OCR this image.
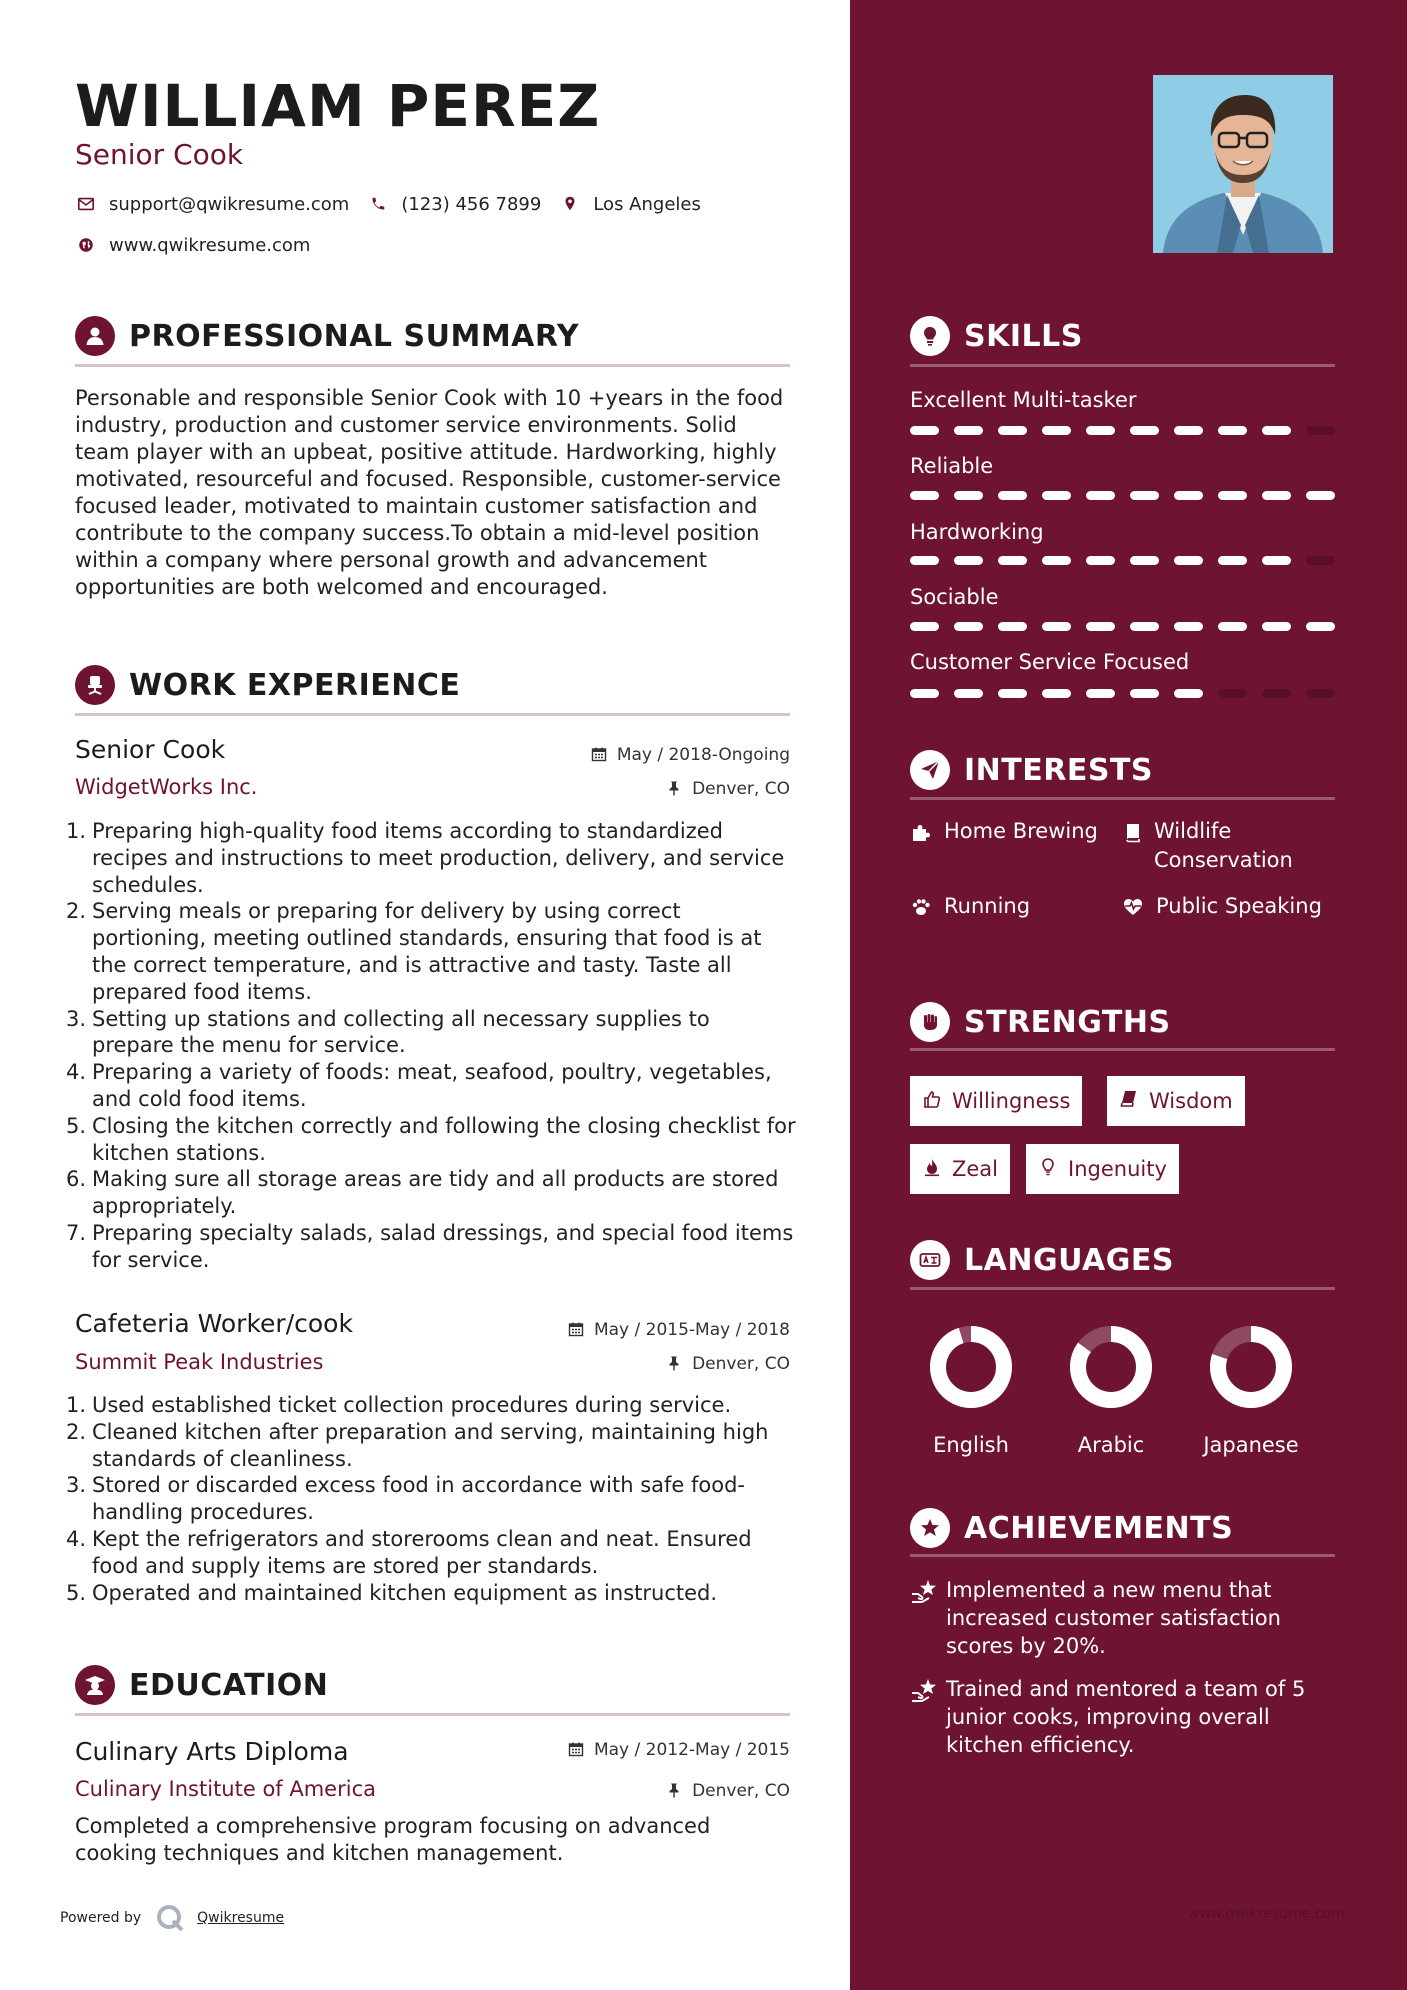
WILLIAM PEREZ
Senior Cook
support@qwikresume.com	(123) 456 7899	Los Angeles
www.qwikresume.com
PROFESSIONAL SUMMARY
Personable and responsible Senior Cook with 10 +years in the food industry, production and customer service environments. Solid team player with an upbeat, positive attitude. Hardworking, highly motivated, resourceful and focused. Responsible, customer-service focused leader, motivated to maintain customer satisfaction and contribute to the company success.To obtain a mid-level position within a company where personal growth and advancement opportunities are both welcomed and encouraged.
WORK EXPERIENCE
Senior Cook	May / 2018-Ongoing
WidgetWorks Inc.	Denver, CO
1. Preparing high-quality food items according to standardized recipes and instructions to meet production, delivery, and service schedules.
2. Serving meals or preparing for delivery by using correct portioning, meeting outlined standards, ensuring that food is at the correct temperature, and is attractive and tasty. Taste all prepared food items.
3. Setting up stations and collecting all necessary supplies to prepare the menu for service.
4. Preparing a variety of foods: meat, seafood, poultry, vegetables, and cold food items.
5. Closing the kitchen correctly and following the closing checklist for kitchen stations.
6. Making sure all storage areas are tidy and all products are stored appropriately.
7. Preparing specialty salads, salad dressings, and special food items for service.
Cafeteria Worker/cook	May / 2015-May / 2018
Summit Peak Industries	Denver, CO
1. Used established ticket collection procedures during service.
2. Cleaned kitchen after preparation and serving, maintaining high standards of cleanliness.
3. Stored or discarded excess food in accordance with safe food-handling procedures.
4. Kept the refrigerators and storerooms clean and neat. Ensured food and supply items are stored per standards.
5. Operated and maintained kitchen equipment as instructed.
EDUCATION
Culinary Arts Diploma	May / 2012-May / 2015
Culinary Institute of America	Denver, CO
Completed a comprehensive program focusing on advanced cooking techniques and kitchen management.
Powered by	Qwikresume
SKILLS
Excellent Multi-tasker
Reliable
Hardworking
Sociable
Customer Service Focused
INTERESTS
Home Brewing	Wildlife Conservation
Running	Public Speaking
STRENGTHS
Willingness	Wisdom
Zeal	Ingenuity
LANGUAGES
English	Arabic	Japanese
ACHIEVEMENTS
Implemented a new menu that increased customer satisfaction scores by 20%.
Trained and mentored a team of 5 junior cooks, improving overall kitchen efficiency.
www.qwikresume.com
